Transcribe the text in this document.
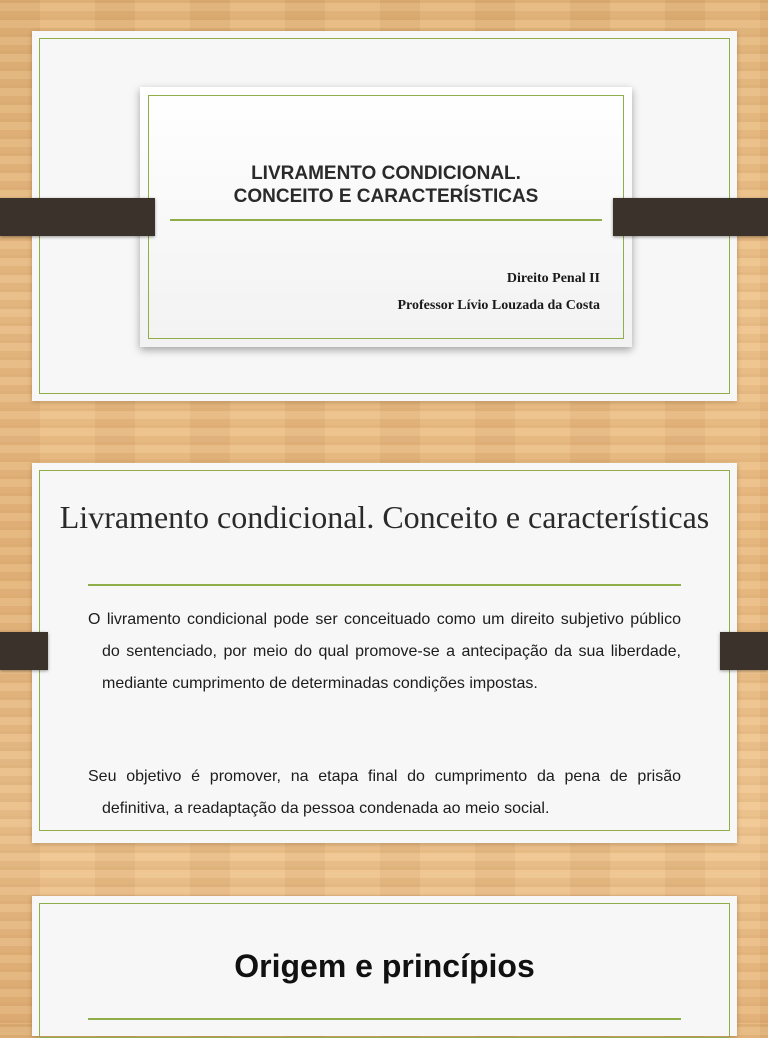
LIVRAMENTO CONDICIONAL.
CONCEITO E CARACTERÍSTICAS
Direito Penal II
Professor Lívio Louzada da Costa
Livramento condicional. Conceito e características
O livramento condicional pode ser conceituado como um direito subjetivo público do sentenciado, por meio do qual promove-se a antecipação da sua liberdade, mediante cumprimento de determinadas condições impostas.
Seu objetivo é promover, na etapa final do cumprimento da pena de prisão definitiva, a readaptação da pessoa condenada ao meio social.
Origem e princípios
